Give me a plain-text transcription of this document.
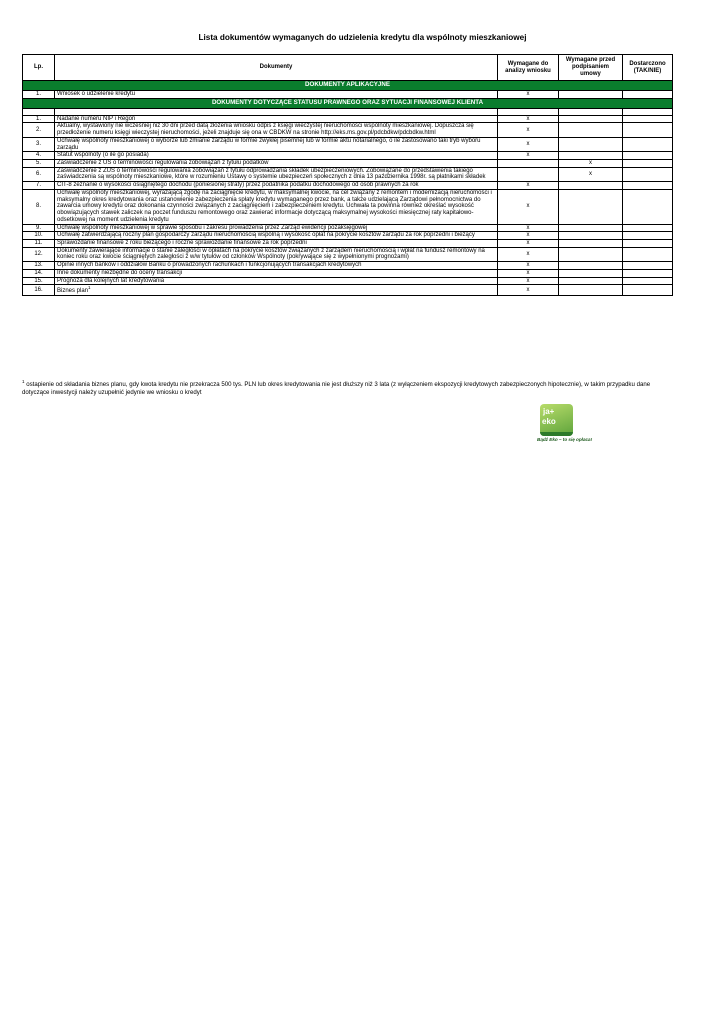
Lista dokumentów wymaganych do udzielenia kredytu dla wspólnoty mieszkaniowej
Lp.	Dokumenty	Wymagane do analizy wniosku	Wymagane przed podpisaniem umowy	Dostarczono (TAK/NIE)
DOKUMENTY APLIKACYJNE				
1.	Wniosek o udzielenie kredytu	x		
DOKUMENTY DOTYCZĄCE STATUSU PRAWNEGO ORAZ SYTUACJI FINANSOWEJ KLIENTA				

1.	Nadanie numeru NIP i Regon	x		
2.	Aktualny, wystawiony nie wcześniej niż 30 dni przed datą złożenia wniosku odpis z księgi wieczystej nieruchomości wspólnoty mieszkaniowej. Dopuszcza się przedłożenie numeru księgi wieczystej nieruchomości, jeżeli znajduje się ona w CBDKW na stronie http://eks.ms.gov.pl/pdcbdkw/pdcbdkw.html	x		
3.	Uchwałę wspólnoty mieszkaniowej o wyborze lub zmianie zarządu w formie zwykłej pisemnej lub w formie aktu notarialnego, o ile zastosowano taki tryb wyboru zarządu	x		
4.	Statut wspólnoty (o ile go posiada)	x		
5.	Zaświadczenie z US o terminowości regulowania zobowiązań z tytułu podatków		x	
6.	Zaświadczenie z ZUS o terminowości regulowania zobowiązań z tytułu odprowadzania składek ubezpieczeniowych. Zobowiązane do przedstawienia takiego zaświadczenia są wspólnoty mieszkaniowe, które w rozumieniu Ustawy o systemie ubezpieczeń społecznych z dnia 13 października 1998r. są płatnikami składek		x	
7.	CIT-8 zeznanie o wysokości osiągniętego dochodu (poniesionej straty) przez podatnika podatku dochodowego od osób prawnych za rok	x		
8.	Uchwałę wspólnoty mieszkaniowej, wyrażającą zgodę na zaciągnięcie kredytu, w maksymalnej kwocie, na cel związany z remontem i modernizacją nieruchomości i maksymalny okres kredytowania oraz ustanowienie zabezpieczenia spłaty kredytu wymaganego przez bank, a także udzielającą Zarządowi pełnomocnictwa do zawarcia umowy kredytu oraz dokonania czynności związanych z zaciągnięciem i zabezpieczeniem kredytu. Uchwała ta powinna również określać wysokość obowiązujących stawek zaliczek na poczet funduszu remontowego oraz zawierać informacje dotyczącą maksymalnej wysokości miesięcznej raty kapitałowo-odsetkowej na moment udzielenia kredytu	x		
9.	Uchwałę wspólnoty mieszkaniowej w sprawie sposobu i zakresu prowadzenia przez Zarząd ewidencji pozaksięgowej	x		
10.	Uchwałę zatwierdzającą roczny plan gospodarczy zarządu nieruchomością wspólną i wysokość opłat na pokrycie kosztów zarządu za rok poprzedni i bieżący	x		
11.	Sprawozdanie finansowe z roku bieżącego i roczne sprawozdanie finansowe za rok poprzedni	x		
12.	Dokumenty zawierające informacje o stanie zaległości w opłatach na pokrycie kosztów związanych z zarządem nieruchomością i wpłat na fundusz remontowy na koniec roku oraz kwocie ściągniętych zaległości z w/w tytułów od członków Wspólnoty (pokrywające się z wypełnionymi prognozami)	x		
13.	Opinie innych banków i oddziałów Banku o prowadzonych rachunkach i funkcjonujących transakcjach kredytowych	x		
14.	Inne dokumenty niezbędne do oceny transakcji	x		
15.	Prognoza dla kolejnych lat kredytowania	x		
16.	Biznes plan$^1$	x		
$^1$ ostapienie od składania biznes planu, gdy kwota kredytu nie przekracza 500 tys. PLN lub okres kredytowania nie jest dłuższy niż 3 lata (z wyłączeniem ekspozycji kredytowych zabezpieczonych hipotecznie), w takim przypadku dane dotyczące inwestycji należy uzupełnić jedynie we wniosku o kredyt
ja+
eko
Bądź Eko – to się opłaca!
